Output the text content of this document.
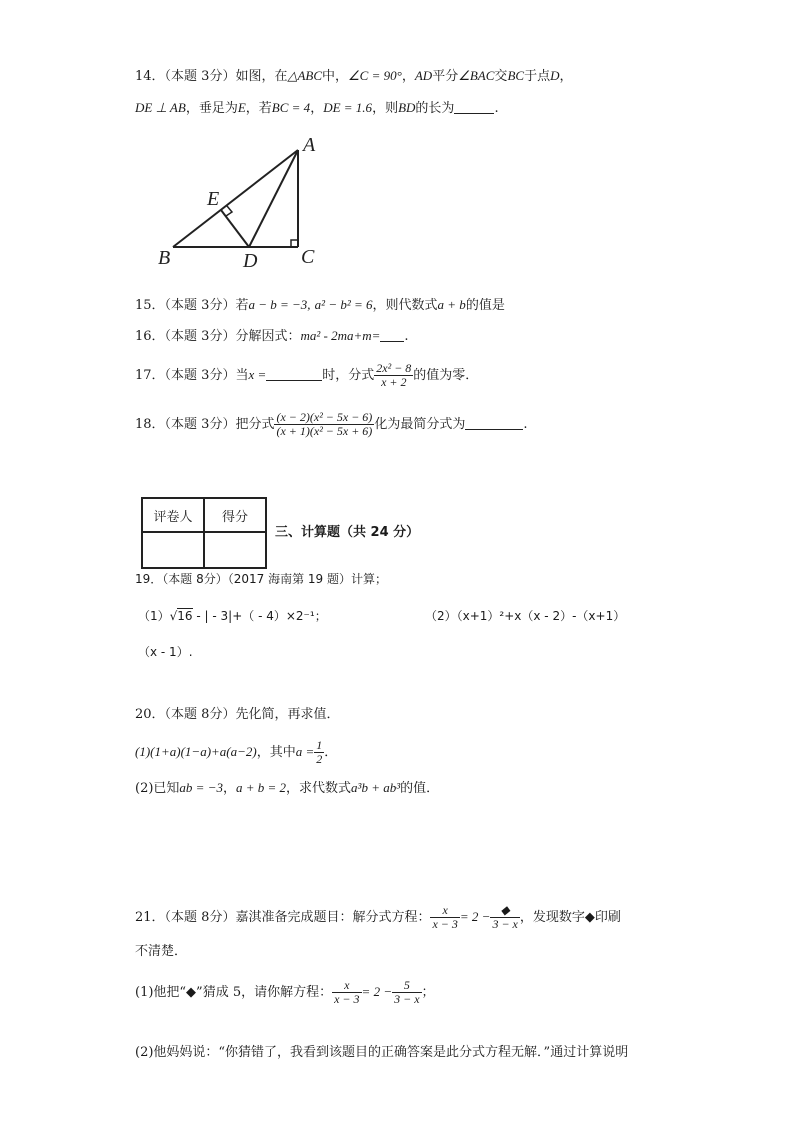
14．（本题 3分）如图，在△ABC中，∠C = 90°，AD平分∠BAC交BC于点D，
DE ⊥ AB，垂足为E，若BC = 4，DE = 1.6，则BD的长为	.
A
B	C
D
E
15．（本题 3分）若a − b = −3, a² − b² = 6，则代数式a + b的值是
16．（本题 3分）分解因式：ma² - 2ma+m= .
17．（本题 3分）当x =	时，分式 $\frac{\text{2x² − 8}}{x + 2}$ 的值为零．
18．（本题 3分）把分式 $\frac{\text{(x − 2)(x² − 5x − 6)}}{\text{(x + 1)(x² − 5x + 6)}}$ 化为最简分式为	.
评卷人	得分

三、计算题（共 24 分）
19．（本题 8分）（2017 海南第 19 题）计算；
（1）√16 - | - 3|+（ - 4）×2⁻¹；	（2）（x+1）²+x（x - 2）-（x+1）
（x - 1）.
20．（本题 8分）先化简，再求值．
(1)(1+a)(1−a)+a(a−2)，其中$a = \frac{1}{2}$ ．
(2)已知ab = −3，a + b = 2，求代数式a³b + ab³的值．
21．（本题 8分）嘉淇准备完成题目：解分式方程： $\frac{x}{x - 3} = 2 - \frac{◆}{3 - x}$ ，发现数字◆印刷
不清楚．
(1)他把“◆”猜成 5，请你解方程： $\frac{x}{x - 3} = 2 - \frac{5}{3 - x}$ ；
(2)他妈妈说：“你猜错了，我看到该题目的正确答案是此分式方程无解．”通过计算说明
